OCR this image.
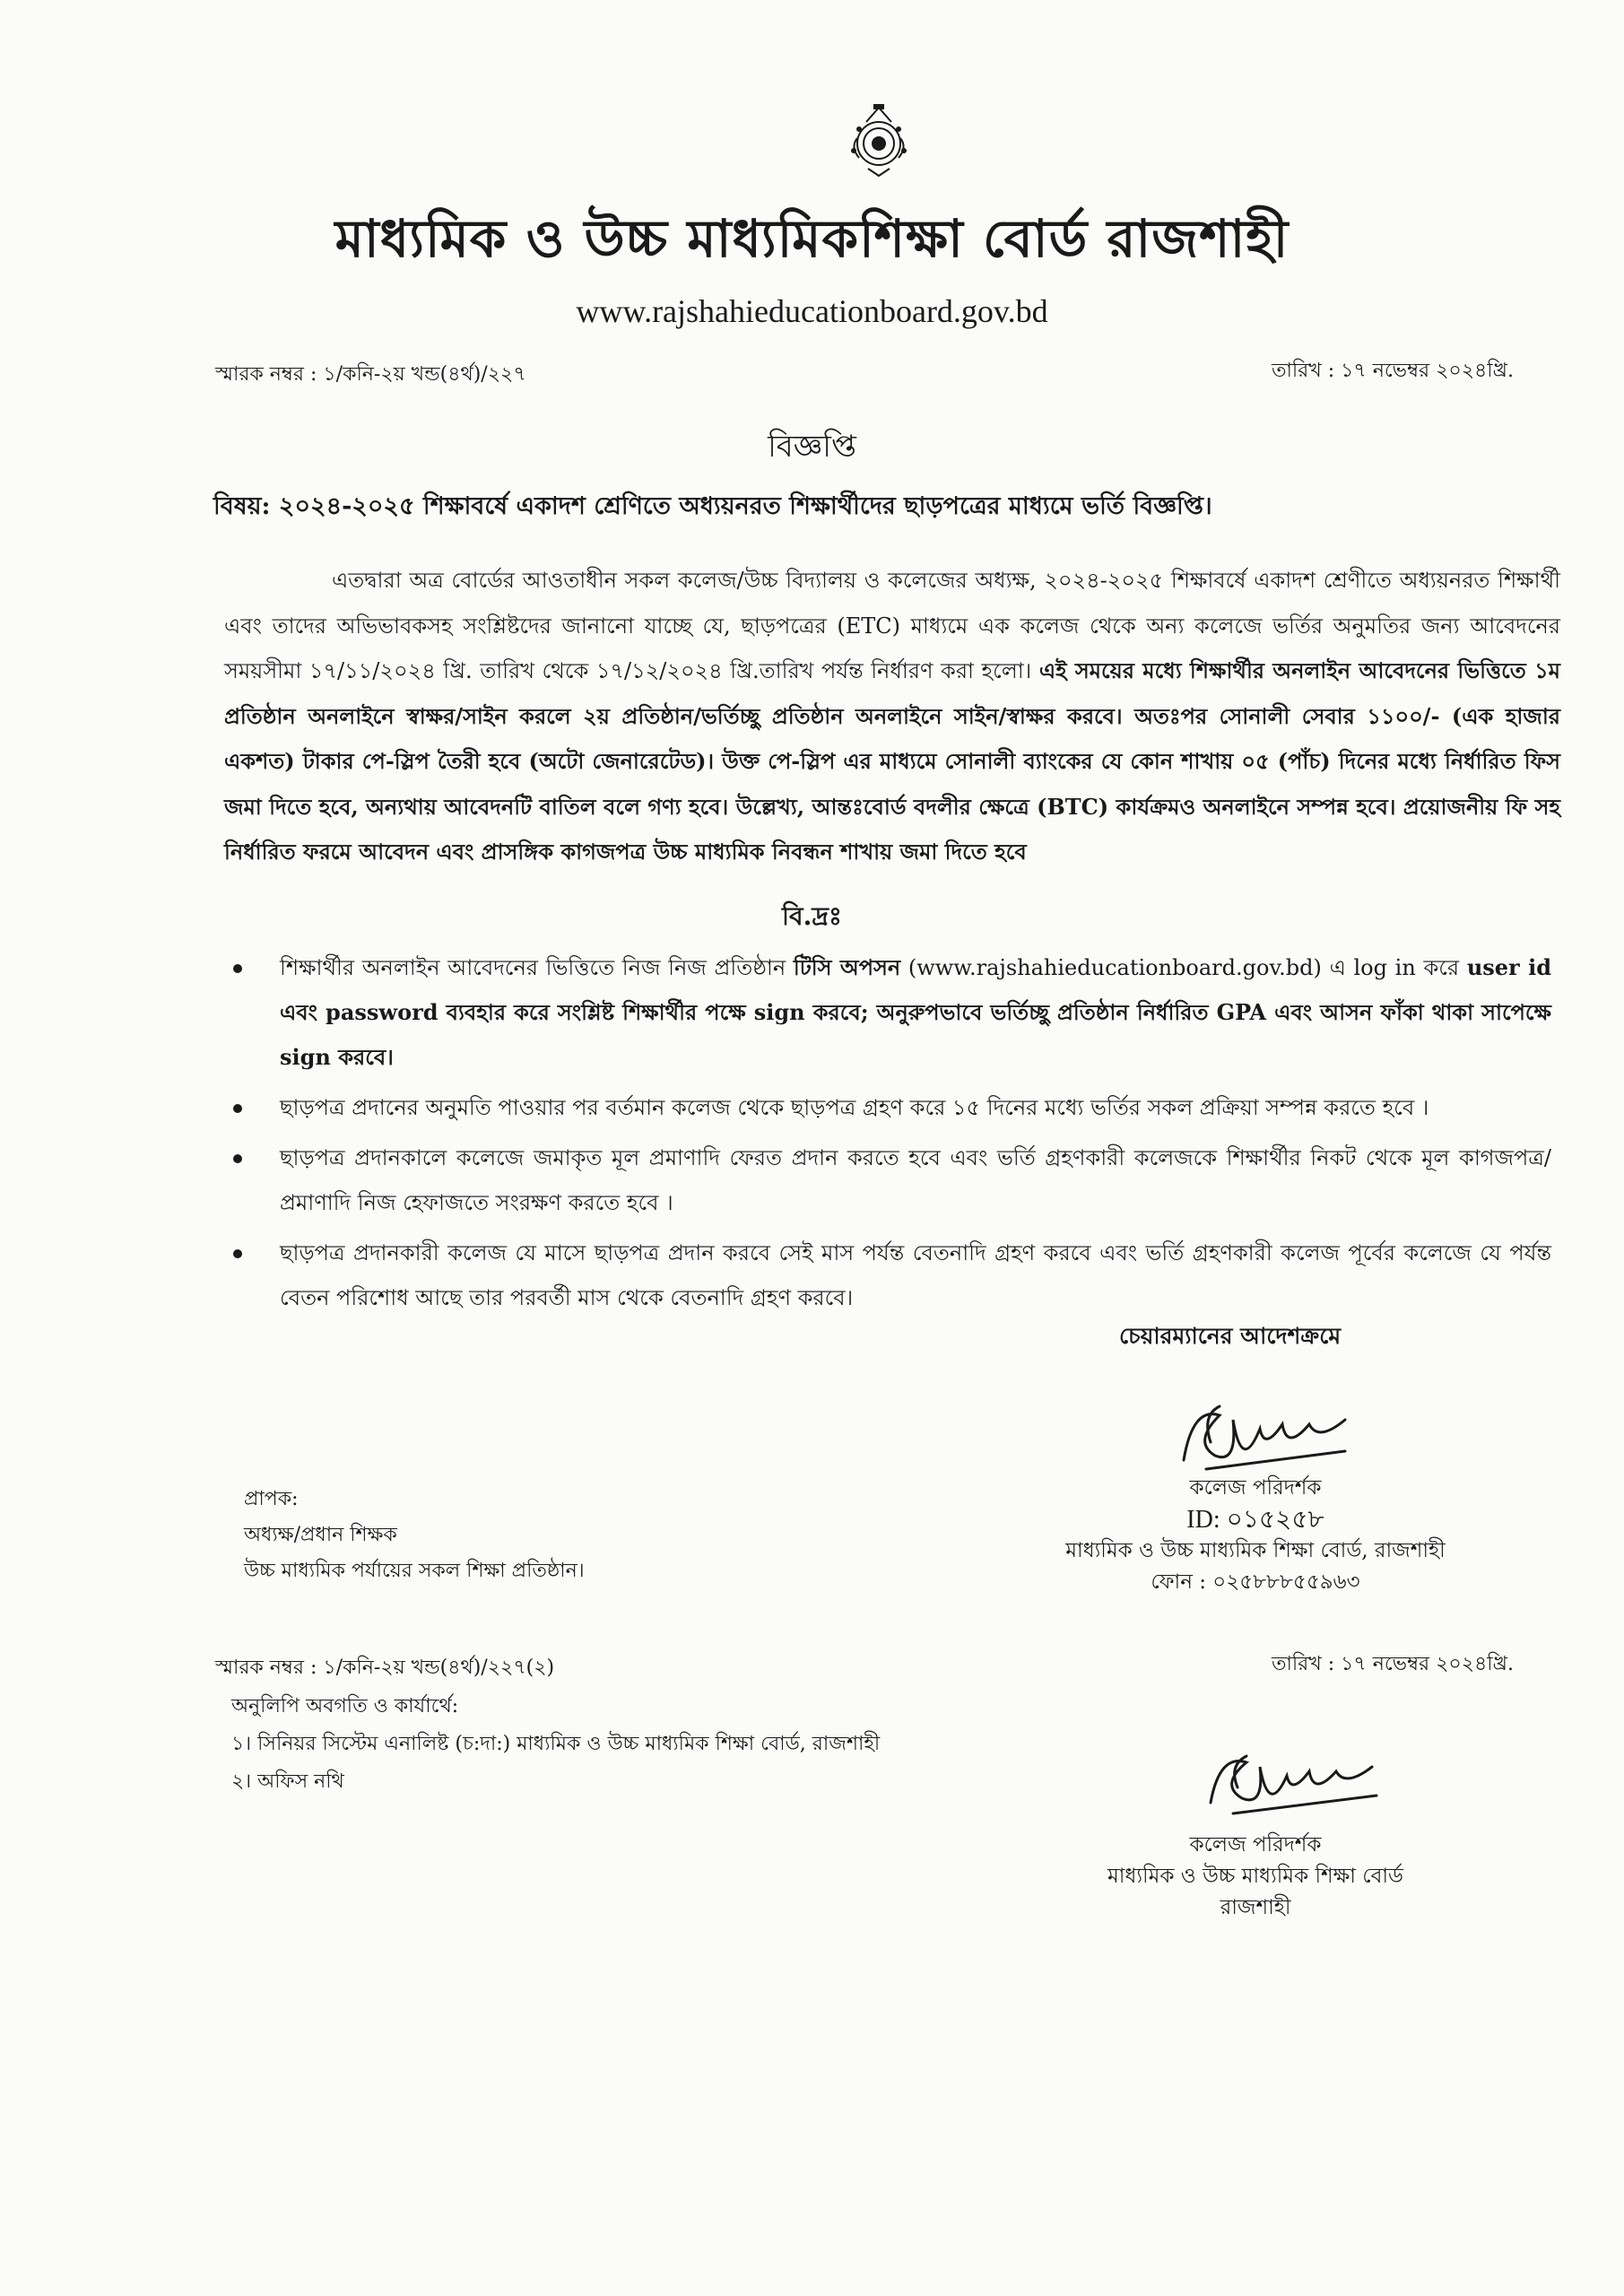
মাধ্যমিক ও উচ্চ মাধ্যমিকশিক্ষা বোর্ড রাজশাহী
www.rajshahieducationboard.gov.bd
স্মারক নম্বর : ১/কনি-২য় খন্ড(৪র্থ)/২২৭	তারিখ : ১৭ নভেম্বর ২০২৪খ্রি.
বিজ্ঞপ্তি
বিষয়: ২০২৪-২০২৫ শিক্ষাবর্ষে একাদশ শ্রেণিতে অধ্যয়নরত শিক্ষার্থীদের ছাড়পত্রের মাধ্যমে ভর্তি বিজ্ঞপ্তি।
এতদ্বারা অত্র বোর্ডের আওতাধীন সকল কলেজ/উচ্চ বিদ্যালয় ও কলেজের অধ্যক্ষ, ২০২৪-২০২৫ শিক্ষাবর্ষে একাদশ শ্রেণীতে অধ্যয়নরত শিক্ষার্থী এবং তাদের অভিভাবকসহ সংশ্লিষ্টদের জানানো যাচ্ছে যে, ছাড়পত্রের (ETC) মাধ্যমে এক কলেজ থেকে অন্য কলেজে ভর্তির অনুমতির জন্য আবেদনের সময়সীমা ১৭/১১/২০২৪ খ্রি. তারিখ থেকে ১৭/১২/২০২৪ খ্রি.তারিখ পর্যন্ত নির্ধারণ করা হলো। এই সময়ের মধ্যে শিক্ষার্থীর অনলাইন আবেদনের ভিত্তিতে ১ম প্রতিষ্ঠান অনলাইনে স্বাক্ষর/সাইন করলে ২য় প্রতিষ্ঠান/ভর্তিচ্ছু প্রতিষ্ঠান অনলাইনে সাইন/স্বাক্ষর করবে। অতঃপর সোনালী সেবার ১১০০/- (এক হাজার একশত) টাকার পে-স্লিপ তৈরী হবে (অটো জেনারেটেড)। উক্ত পে-স্লিপ এর মাধ্যমে সোনালী ব্যাংকের যে কোন শাখায় ০৫ (পাঁচ) দিনের মধ্যে নির্ধারিত ফিস জমা দিতে হবে, অন্যথায় আবেদনটি বাতিল বলে গণ্য হবে। উল্লেখ্য, আন্তঃবোর্ড বদলীর ক্ষেত্রে (BTC) কার্যক্রমও অনলাইনে সম্পন্ন হবে। প্রয়োজনীয় ফি সহ নির্ধারিত ফরমে আবেদন এবং প্রাসঙ্গিক কাগজপত্র উচ্চ মাধ্যমিক নিবন্ধন শাখায় জমা দিতে হবে
বি.দ্রঃ
শিক্ষার্থীর অনলাইন আবেদনের ভিত্তিতে নিজ নিজ প্রতিষ্ঠান টিসি অপসন (www.rajshahieducationboard.gov.bd) এ log in করে user id এবং password ব্যবহার করে সংশ্লিষ্ট শিক্ষার্থীর পক্ষে sign করবে; অনুরুপভাবে ভর্তিচ্ছু প্রতিষ্ঠান নির্ধারিত GPA এবং আসন ফাঁকা থাকা সাপেক্ষে sign করবে।
ছাড়পত্র প্রদানের অনুমতি পাওয়ার পর বর্তমান কলেজ থেকে ছাড়পত্র গ্রহণ করে ১৫ দিনের মধ্যে ভর্তির সকল প্রক্রিয়া সম্পন্ন করতে হবে ।
ছাড়পত্র প্রদানকালে কলেজে জমাকৃত মূল প্রমাণাদি ফেরত প্রদান করতে হবে এবং ভর্তি গ্রহণকারী কলেজকে শিক্ষার্থীর নিকট থেকে মূল কাগজপত্র/প্রমাণাদি নিজ হেফাজতে সংরক্ষণ করতে হবে ।
ছাড়পত্র প্রদানকারী কলেজ যে মাসে ছাড়পত্র প্রদান করবে সেই মাস পর্যন্ত বেতনাদি গ্রহণ করবে এবং ভর্তি গ্রহণকারী কলেজ পূর্বের কলেজে যে পর্যন্ত বেতন পরিশোধ আছে তার পরবর্তী মাস থেকে বেতনাদি গ্রহণ করবে।
চেয়ারম্যানের আদেশক্রমে
কলেজ পরিদর্শক
ID: ০১৫২৫৮
মাধ্যমিক ও উচ্চ মাধ্যমিক শিক্ষা বোর্ড, রাজশাহী
ফোন : ০২৫৮৮৮৫৫৯৬৩
প্রাপক:
অধ্যক্ষ/প্রধান শিক্ষক
উচ্চ মাধ্যমিক পর্যায়ের সকল শিক্ষা প্রতিষ্ঠান।
স্মারক নম্বর : ১/কনি-২য় খন্ড(৪র্থ)/২২৭(২)	তারিখ : ১৭ নভেম্বর ২০২৪খ্রি.
অনুলিপি অবগতি ও কার্যার্থে:
১। সিনিয়র সিস্টেম এনালিষ্ট (চ:দা:) মাধ্যমিক ও উচ্চ মাধ্যমিক শিক্ষা বোর্ড, রাজশাহী
২। অফিস নথি
কলেজ পরিদর্শক
মাধ্যমিক ও উচ্চ মাধ্যমিক শিক্ষা বোর্ড
রাজশাহী
